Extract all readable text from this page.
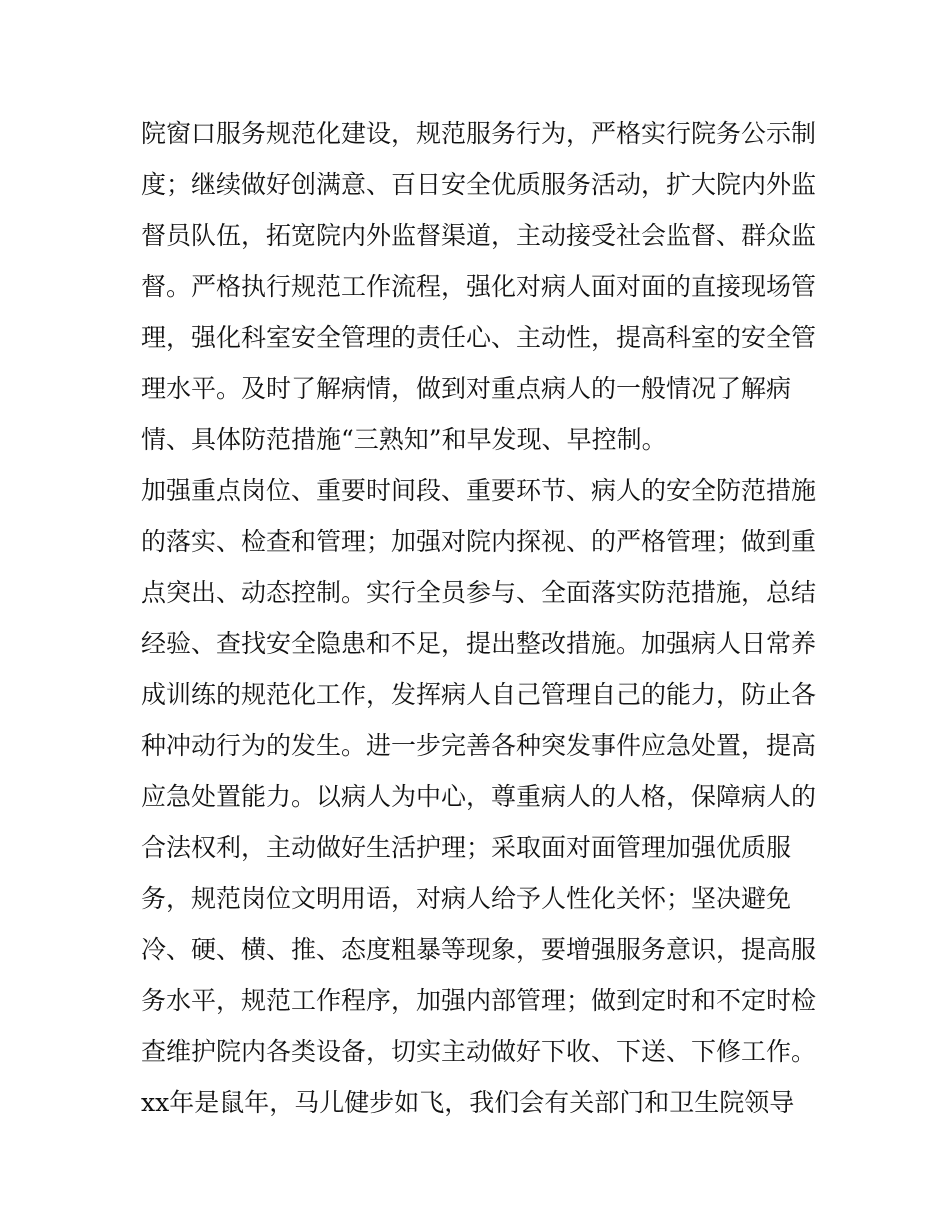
院窗口服务规范化建设，规范服务行为，严格实行院务公示制
度；继续做好创满意、百日安全优质服务活动，扩大院内外监
督员队伍，拓宽院内外监督渠道，主动接受社会监督、群众监
督。严格执行规范工作流程，强化对病人面对面的直接现场管
理，强化科室安全管理的责任心、主动性，提高科室的安全管
理水平。及时了解病情，做到对重点病人的一般情况了解病
情、具体防范措施“三熟知”和早发现、早控制。
加强重点岗位、重要时间段、重要环节、病人的安全防范措施
的落实、检查和管理；加强对院内探视、的严格管理；做到重
点突出、动态控制。实行全员参与、全面落实防范措施，总结
经验、查找安全隐患和不足，提出整改措施。加强病人日常养
成训练的规范化工作，发挥病人自己管理自己的能力，防止各
种冲动行为的发生。进一步完善各种突发事件应急处置，提高
应急处置能力。以病人为中心，尊重病人的人格，保障病人的
合法权利，主动做好生活护理；采取面对面管理加强优质服
务，规范岗位文明用语，对病人给予人性化关怀；坚决避免
冷、硬、横、推、态度粗暴等现象，要增强服务意识，提高服
务水平，规范工作程序，加强内部管理；做到定时和不定时检
查维护院内各类设备，切实主动做好下收、下送、下修工作。
xx年是鼠年，马儿健步如飞，我们会有关部门和卫生院领导
